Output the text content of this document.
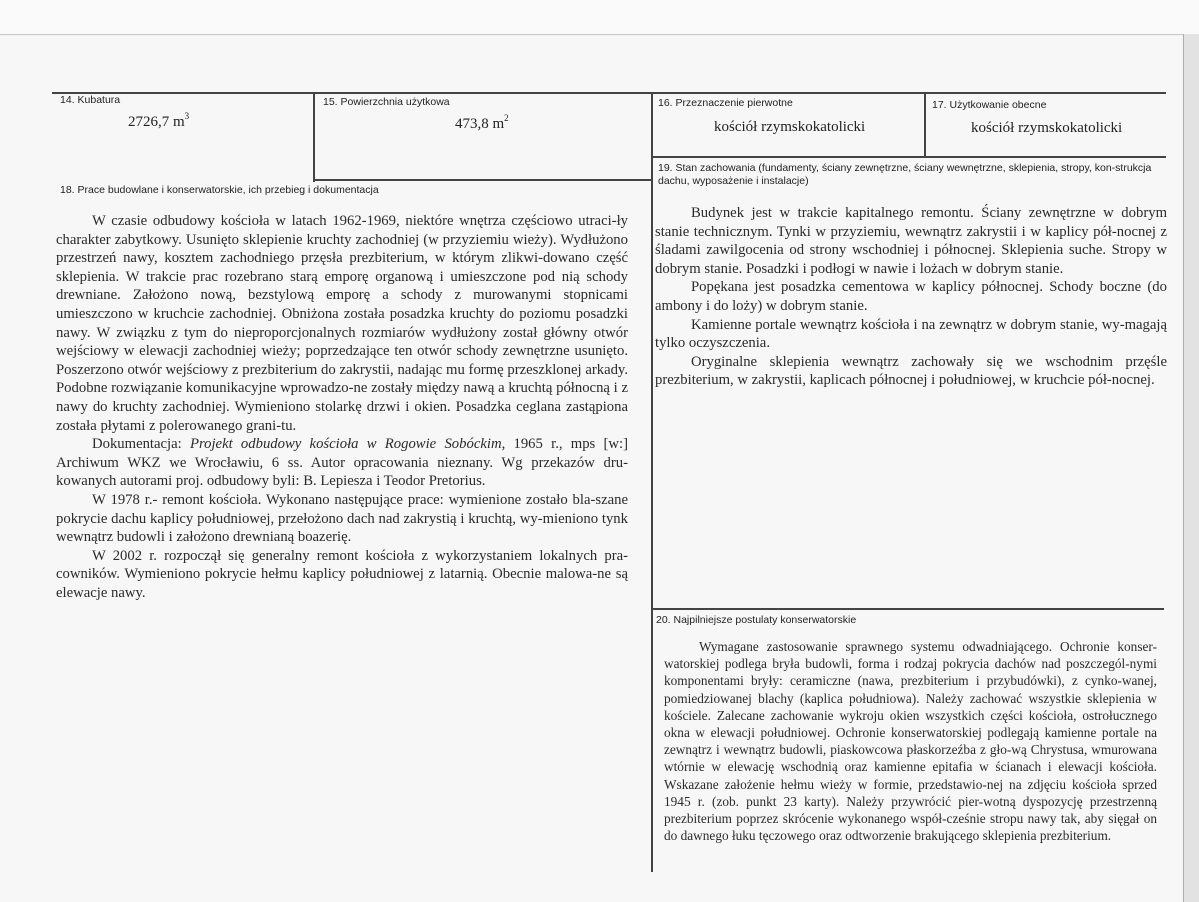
14. Kubatura
2726,7 $m^3$
15. Powierzchnia użytkowa
473,8 $m^2$
16. Przeznaczenie pierwotne
kościół rzymskokatolicki
17. Użytkowanie obecne
kościół rzymskokatolicki
18. Prace budowlane i konserwatorskie, ich przebieg i dokumentacja

W czasie odbudowy kościoła w latach 1962-1969, niektóre wnętrza częściowo utraci-ły charakter zabytkowy. Usunięto sklepienie kruchty zachodniej (w przyziemiu wieży). Wydłużono przestrzeń nawy, kosztem zachodniego przęsła prezbiterium, w którym zlikwi-dowano część sklepienia. W trakcie prac rozebrano starą emporę organową i umieszczone pod nią schody drewniane. Założono nową, bezstylową emporę a schody z murowanymi stopnicami umieszczono w kruchcie zachodniej. Obniżona została posadzka kruchty do poziomu posadzki nawy. W związku z tym do nieproporcjonalnych rozmiarów wydłużony został główny otwór wejściowy w elewacji zachodniej wieży; poprzedzające ten otwór schody zewnętrzne usunięto. Poszerzono otwór wejściowy z prezbiterium do zakrystii, nadając mu formę przeszklonej arkady. Podobne rozwiązanie komunikacyjne wprowadzo-ne zostały między nawą a kruchtą północną i z nawy do kruchty zachodniej. Wymieniono stolarkę drzwi i okien. Posadzka ceglana zastąpiona została płytami z polerowanego grani-tu.

Dokumentacja: Projekt odbudowy kościoła w Rogowie Sobóckim, 1965 r., mps [w:] Archiwum WKZ we Wrocławiu, 6 ss. Autor opracowania nieznany. Wg przekazów dru-kowanych autorami proj. odbudowy byli: B. Lepiesza i Teodor Pretorius.

W 1978 r.- remont kościoła. Wykonano następujące prace: wymienione zostało bla-szane pokrycie dachu kaplicy południowej, przełożono dach nad zakrystią i kruchtą, wy-mieniono tynk wewnątrz budowli i założono drewnianą boazerię.

W 2002 r. rozpoczął się generalny remont kościoła z wykorzystaniem lokalnych pra-cowników. Wymieniono pokrycie hełmu kaplicy południowej z latarnią. Obecnie malowa-ne są elewacje nawy.

19. Stan zachowania (fundamenty, ściany zewnętrzne, ściany wewnętrzne, sklepienia, stropy, kon-strukcja dachu, wyposażenie i instalacje)

Budynek jest w trakcie kapitalnego remontu. Ściany zewnętrzne w dobrym stanie technicznym. Tynki w przyziemiu, wewnątrz zakrystii i w kaplicy pół-nocnej z śladami zawilgocenia od strony wschodniej i północnej. Sklepienia suche. Stropy w dobrym stanie. Posadzki i podłogi w nawie i lożach w dobrym stanie.

Popękana jest posadzka cementowa w kaplicy północnej. Schody boczne (do ambony i do loży) w dobrym stanie.

Kamienne portale wewnątrz kościoła i na zewnątrz w dobrym stanie, wy-magają tylko oczyszczenia.

Oryginalne sklepienia wewnątrz zachowały się we wschodnim przęśle prezbiterium, w zakrystii, kaplicach północnej i południowej, w kruchcie pół-nocnej.

20. Najpilniejsze postulaty konserwatorskie

Wymagane zastosowanie sprawnego systemu odwadniającego. Ochronie konser-watorskiej podlega bryła budowli, forma i rodzaj pokrycia dachów nad poszczegól-nymi komponentami bryły: ceramiczne (nawa, prezbiterium i przybudówki), z cynko-wanej, pomiedziowanej blachy (kaplica południowa). Należy zachować wszystkie sklepienia w kościele. Zalecane zachowanie wykroju okien wszystkich części kościoła, ostrołucznego okna w elewacji południowej. Ochronie konserwatorskiej podlegają kamienne portale na zewnątrz i wewnątrz budowli, piaskowcowa płaskorzeźba z gło-wą Chrystusa, wmurowana wtórnie w elewację wschodnią oraz kamienne epitafia w ścianach i elewacji kościoła. Wskazane założenie hełmu wieży w formie, przedstawio-nej na zdjęciu kościoła sprzed 1945 r. (zob. punkt 23 karty). Należy przywrócić pier-wotną dyspozycję przestrzenną prezbiterium poprzez skrócenie wykonanego współ-cześnie stropu nawy tak, aby sięgał on do dawnego łuku tęczowego oraz odtworzenie brakującego sklepienia prezbiterium.
